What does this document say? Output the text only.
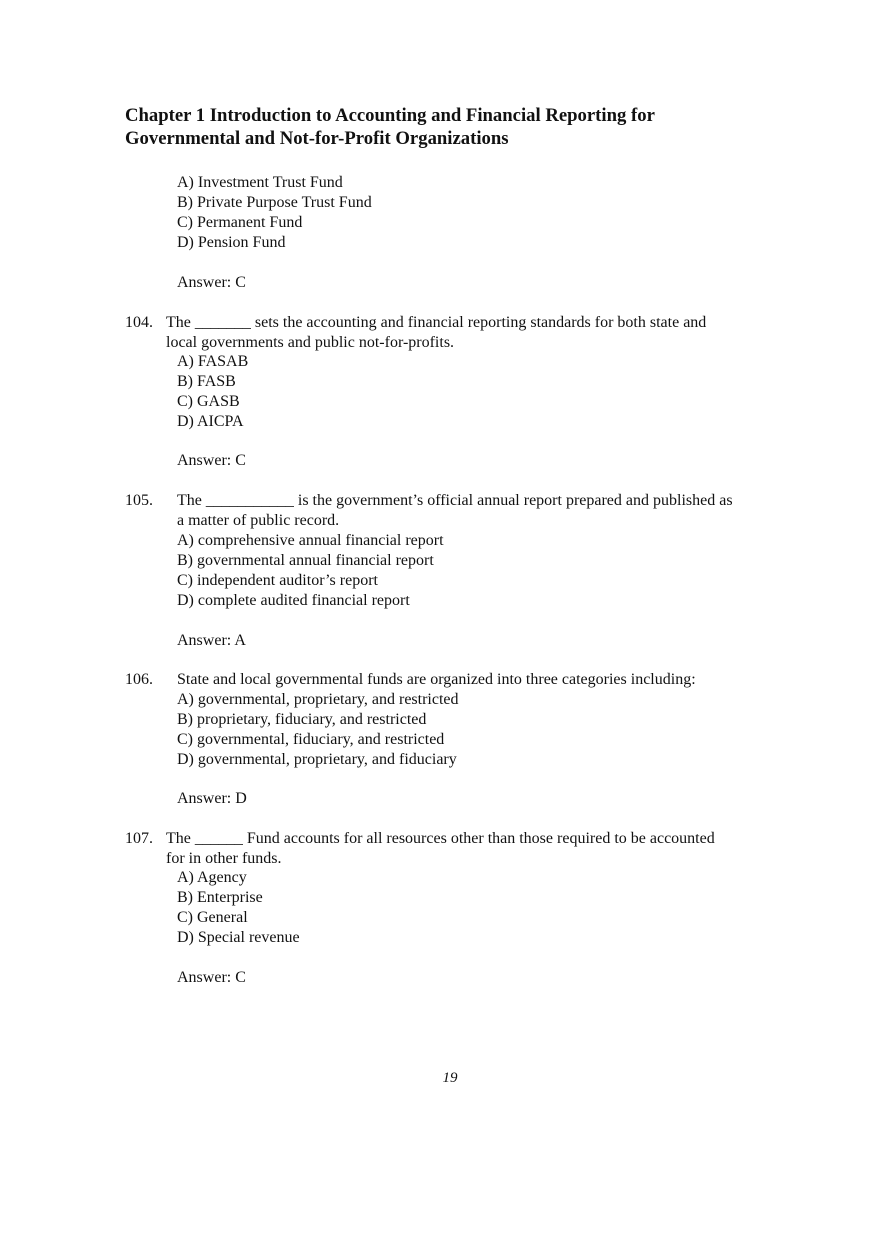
Chapter 1 Introduction to Accounting and Financial Reporting for
Governmental and Not-for-Profit Organizations
A) Investment Trust Fund
B) Private Purpose Trust Fund
C) Permanent Fund
D) Pension Fund
Answer: C
104. The _______ sets the accounting and financial reporting standards for both state and
local governments and public not-for-profits.
A) FASAB
B) FASB
C) GASB
D) AICPA
Answer: C
105. The ___________ is the government’s official annual report prepared and published as
a matter of public record.
A) comprehensive annual financial report
B) governmental annual financial report
C) independent auditor’s report
D) complete audited financial report
Answer: A
106. State and local governmental funds are organized into three categories including:
A) governmental, proprietary, and restricted
B) proprietary, fiduciary, and restricted
C) governmental, fiduciary, and restricted
D) governmental, proprietary, and fiduciary
Answer: D
107. The ______ Fund accounts for all resources other than those required to be accounted
for in other funds.
A) Agency
B) Enterprise
C) General
D) Special revenue
Answer: C
19
